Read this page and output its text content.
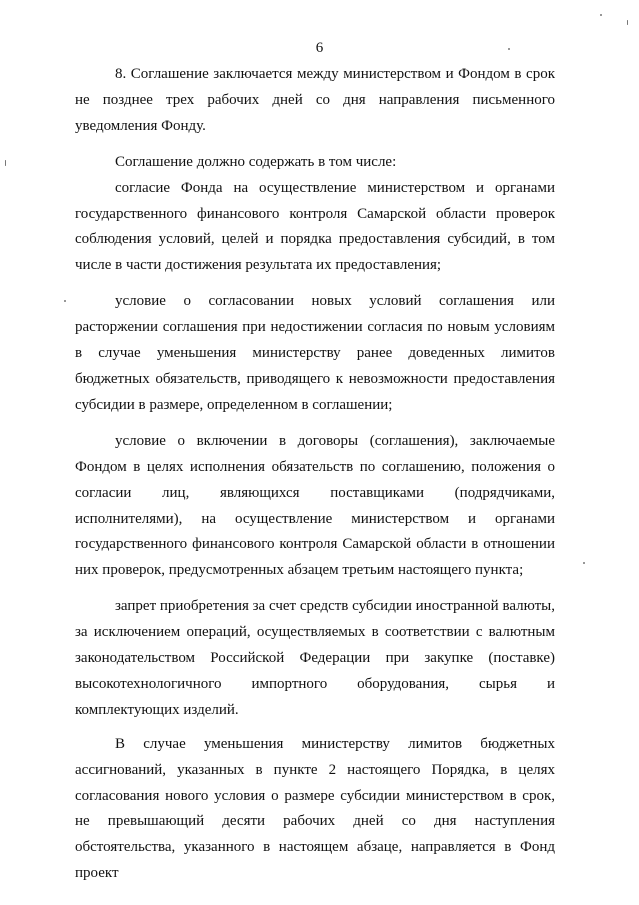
6

8. Соглашение заключается между министерством и Фондом в срок не позднее трех рабочих дней со дня направления письменного уведомления Фонду.

Соглашение должно содержать в том числе:

согласие Фонда на осуществление министерством и органами государственного финансового контроля Самарской области проверок соблюдения условий, целей и порядка предоставления субсидий, в том числе в части достижения результата их предоставления;

условие о согласовании новых условий соглашения или расторжении соглашения при недостижении согласия по новым условиям в случае уменьшения министерству ранее доведенных лимитов бюджетных обязательств, приводящего к невозможности предоставления субсидии в размере, определенном в соглашении;

условие о включении в договоры (соглашения), заключаемые Фондом в целях исполнения обязательств по соглашению, положения о согласии лиц, являющихся поставщиками (подрядчиками, исполнителями), на осуществление министерством и органами государственного финансового контроля Самарской области в отношении них проверок, предусмотренных абзацем третьим настоящего пункта;

запрет приобретения за счет средств субсидии иностранной валюты, за исключением операций, осуществляемых в соответствии с валютным законодательством Российской Федерации при закупке (поставке) высокотехнологичного импортного оборудования, сырья и комплектующих изделий.

В случае уменьшения министерству лимитов бюджетных ассигнований, указанных в пункте 2 настоящего Порядка, в целях согласования нового условия о размере субсидии министерством в срок, не превышающий десяти рабочих дней со дня наступления обстоятельства, указанного в настоящем абзаце, направляется в Фонд проект
